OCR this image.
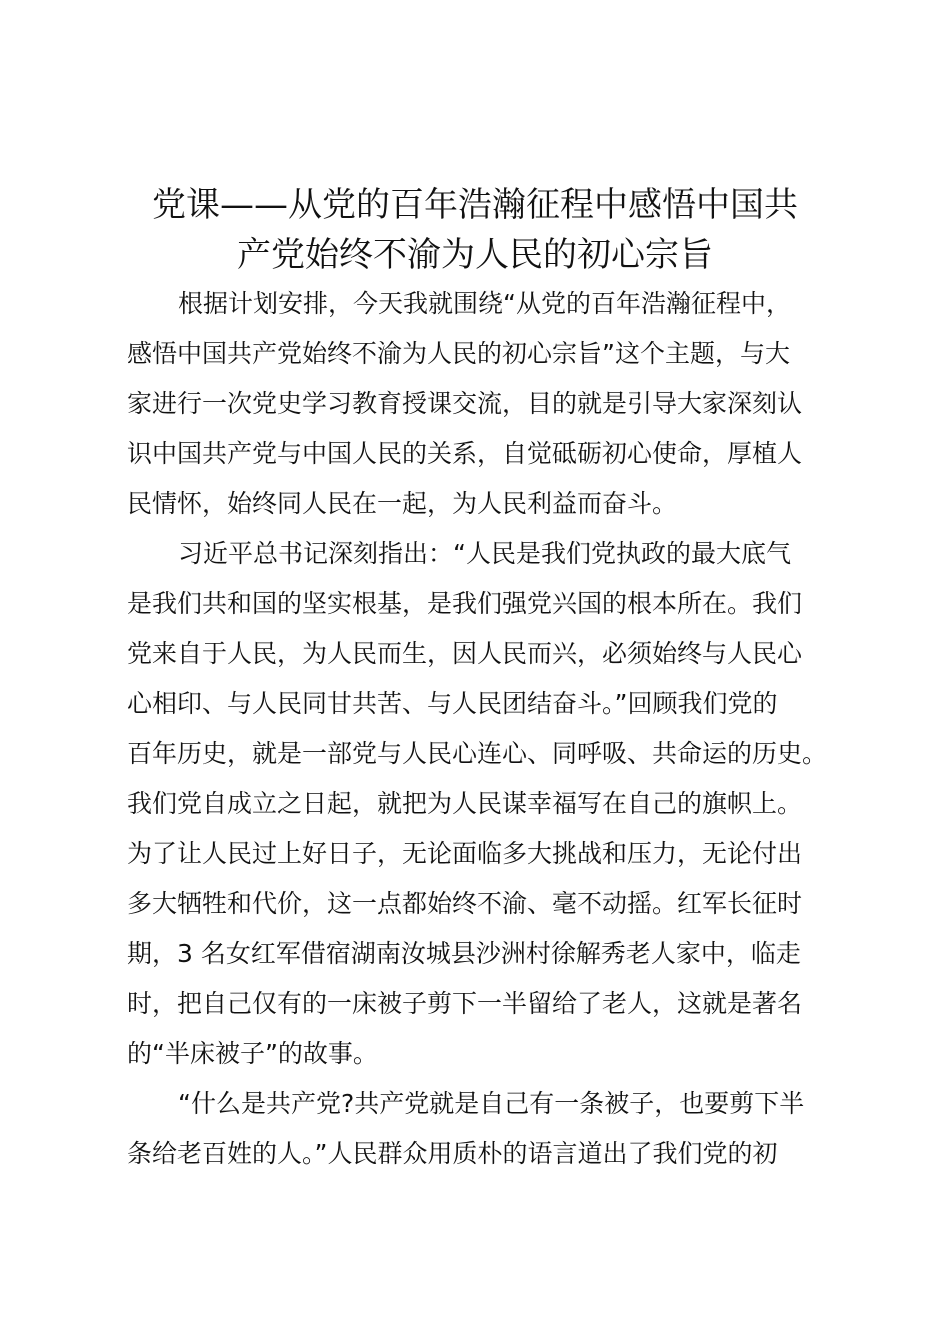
党课——从党的百年浩瀚征程中感悟中国共
产党始终不渝为人民的初心宗旨

根据计划安排，今天我就围绕“从党的百年浩瀚征程中，

感悟中国共产党始终不渝为人民的初心宗旨”这个主题，与大

家进行一次党史学习教育授课交流，目的就是引导大家深刻认

识中国共产党与中国人民的关系，自觉砥砺初心使命，厚植人

民情怀，始终同人民在一起，为人民利益而奋斗。

习近平总书记深刻指出：“人民是我们党执政的最大底气

是我们共和国的坚实根基，是我们强党兴国的根本所在。我们

党来自于人民，为人民而生，因人民而兴，必须始终与人民心

心相印、与人民同甘共苦、与人民团结奋斗。”回顾我们党的

百年历史，就是一部党与人民心连心、同呼吸、共命运的历史。

我们党自成立之日起，就把为人民谋幸福写在自己的旗帜上。

为了让人民过上好日子，无论面临多大挑战和压力，无论付出

多大牺牲和代价，这一点都始终不渝、毫不动摇。红军长征时

期，3 名女红军借宿湖南汝城县沙洲村徐解秀老人家中，临走

时，把自己仅有的一床被子剪下一半留给了老人，这就是著名

的“半床被子”的故事。

“什么是共产党?共产党就是自己有一条被子，也要剪下半

条给老百姓的人。”人民群众用质朴的语言道出了我们党的初
